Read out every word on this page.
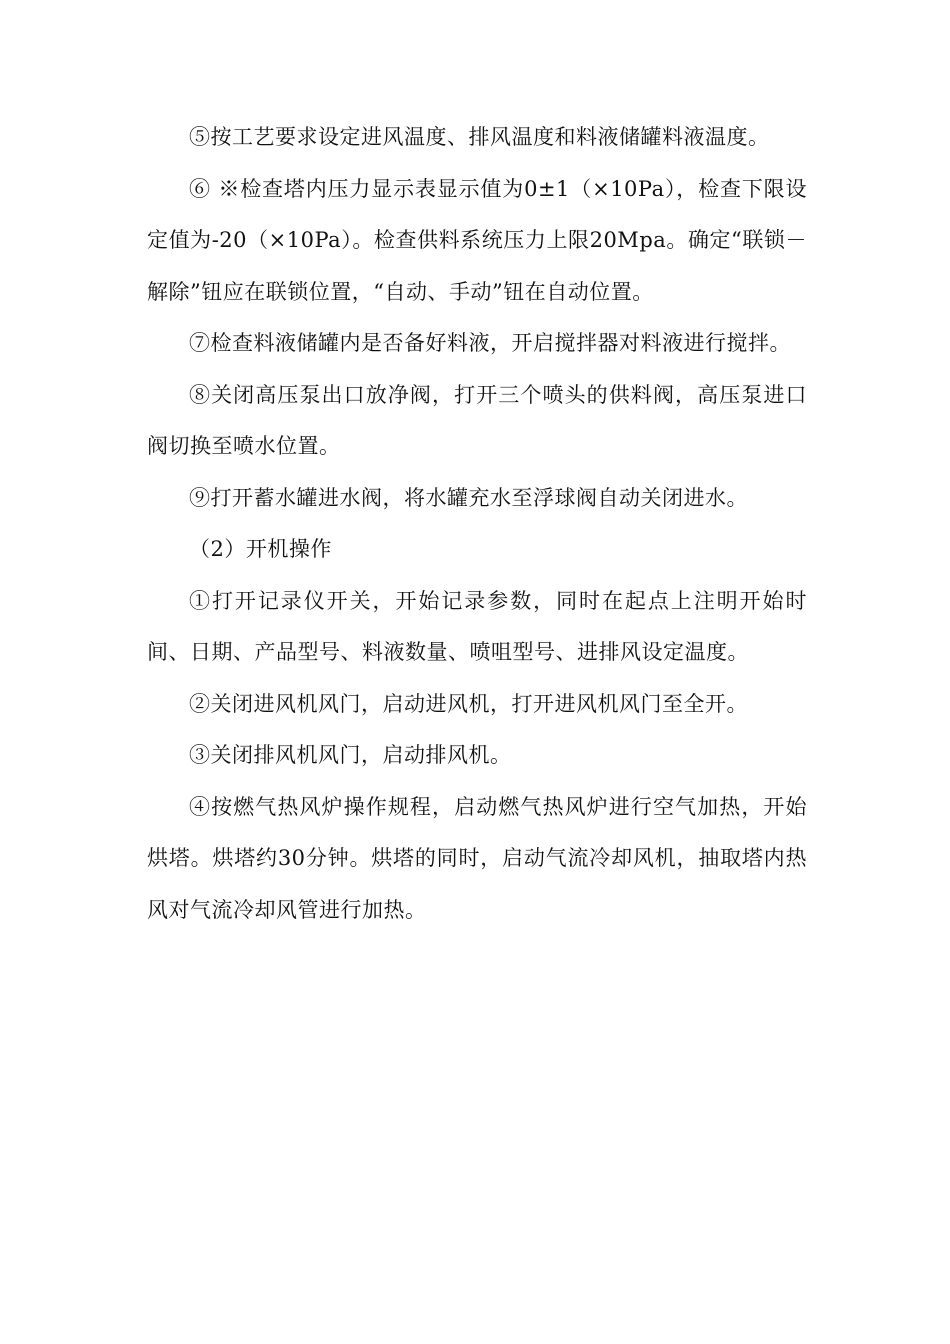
⑤按工艺要求设定进风温度、排风温度和料液储罐料液温度。

⑥ ※检查塔内压力显示表显示值为0±1（×10Pa），检查下限设定值为-20（×10Pa）。检查供料系统压力上限20Mpa。确定“联锁－解除”钮应在联锁位置，“自动、手动”钮在自动位置。

⑦检查料液储罐内是否备好料液，开启搅拌器对料液进行搅拌。

⑧关闭高压泵出口放净阀，打开三个喷头的供料阀，高压泵进口阀切换至喷水位置。

⑨打开蓄水罐进水阀，将水罐充水至浮球阀自动关闭进水。

（2）开机操作

①打开记录仪开关，开始记录参数，同时在起点上注明开始时间、日期、产品型号、料液数量、喷咀型号、进排风设定温度。

②关闭进风机风门，启动进风机，打开进风机风门至全开。

③关闭排风机风门，启动排风机。

④按燃气热风炉操作规程，启动燃气热风炉进行空气加热，开始烘塔。烘塔约30分钟。烘塔的同时，启动气流冷却风机，抽取塔内热风对气流冷却风管进行加热。
